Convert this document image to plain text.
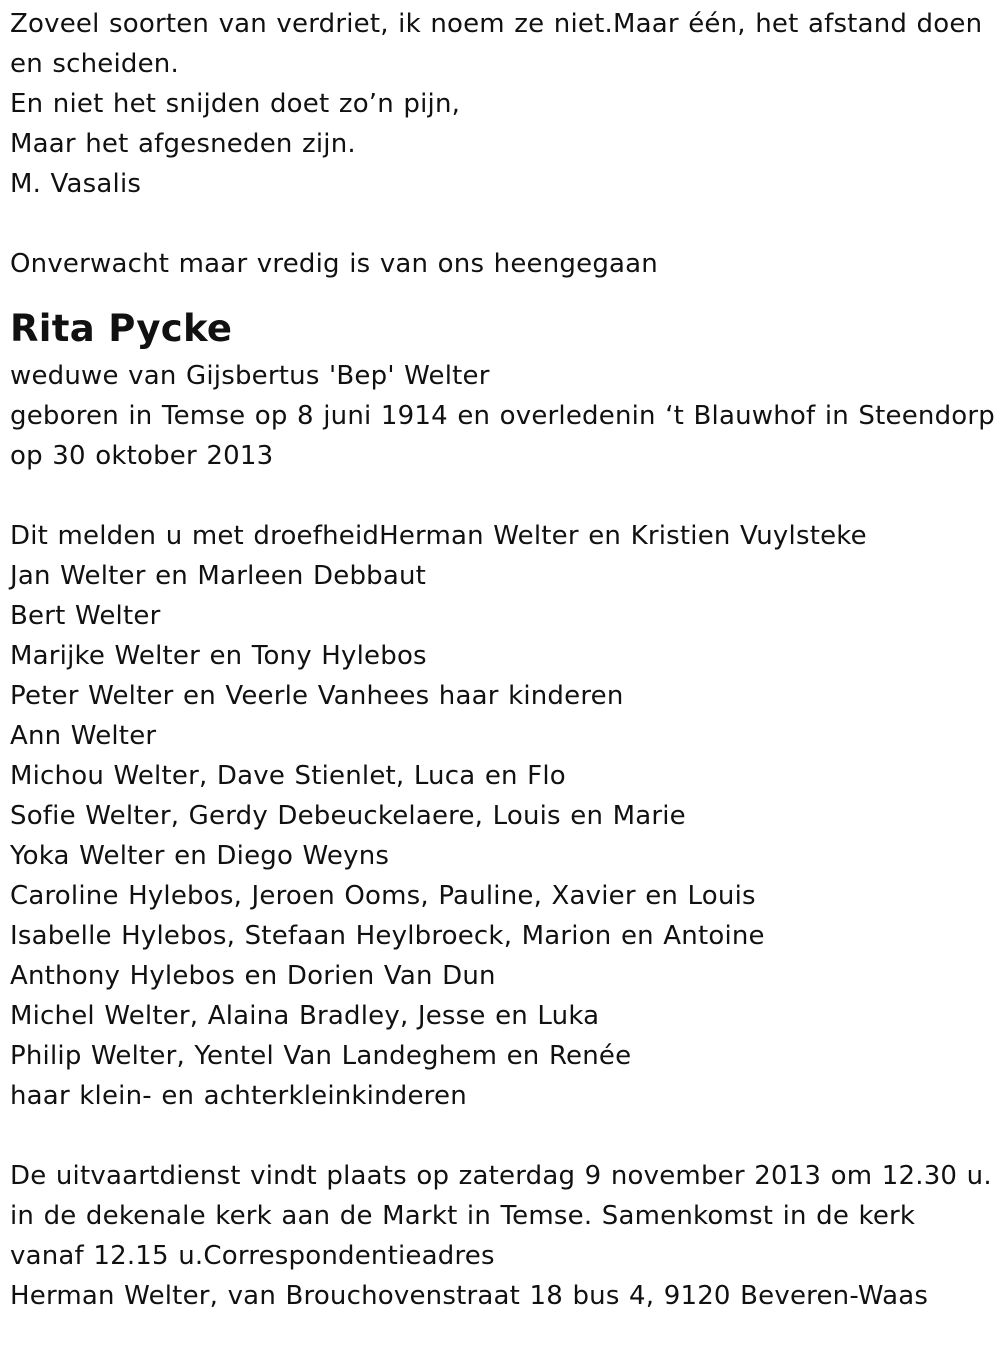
Zoveel soorten van verdriet, ik noem ze niet.Maar één, het afstand doen en scheiden.
En niet het snijden doet zo’n pijn,
Maar het afgesneden zijn.
M. Vasalis
Onverwacht maar vredig is van ons heengegaan
Rita Pycke
weduwe van Gijsbertus 'Bep' Welter
geboren in Temse op 8 juni 1914 en overledenin ‘t Blauwhof in Steendorp op 30 oktober 2013
Dit melden u met droefheidHerman Welter en Kristien Vuylsteke
Jan Welter en Marleen Debbaut
Bert Welter
Marijke Welter en Tony Hylebos
Peter Welter en Veerle Vanhees haar kinderen
Ann Welter
Michou Welter, Dave Stienlet, Luca en Flo
Sofie Welter, Gerdy Debeuckelaere, Louis en Marie
Yoka Welter en Diego Weyns
Caroline Hylebos, Jeroen Ooms, Pauline, Xavier en Louis
Isabelle Hylebos, Stefaan Heylbroeck, Marion en Antoine
Anthony Hylebos en Dorien Van Dun
Michel Welter, Alaina Bradley, Jesse en Luka
Philip Welter, Yentel Van Landeghem en Renée
haar klein- en achterkleinkinderen
De uitvaartdienst vindt plaats op zaterdag 9 november 2013 om 12.30 u. in de dekenale kerk aan de Markt in Temse. Samenkomst in de kerk vanaf 12.15 u.Correspondentieadres
Herman Welter, van Brouchovenstraat 18 bus 4, 9120 Beveren-Waas
